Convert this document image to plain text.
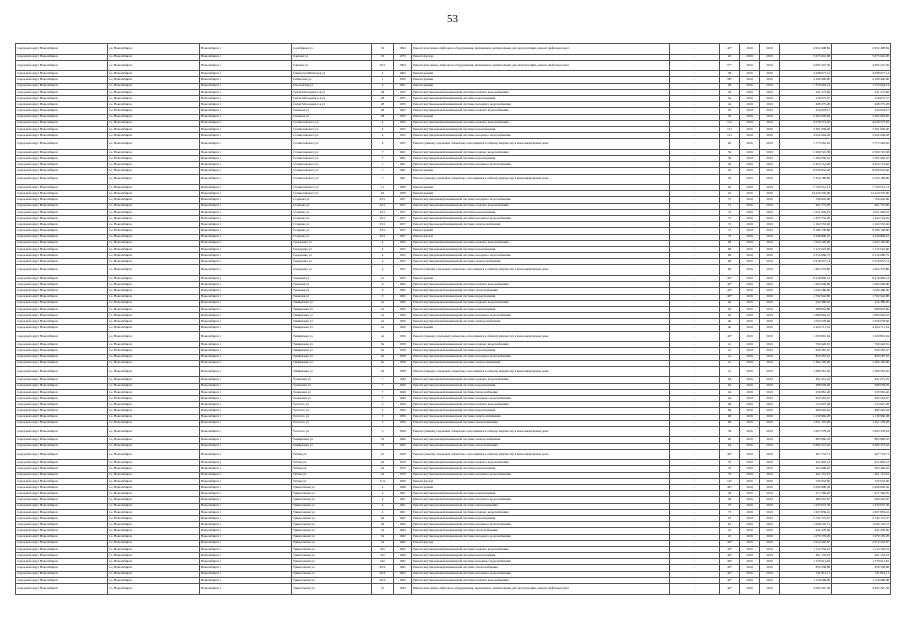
53
городской округ Новосибирск	г.о. Новосибирск	Новосибирск г	Серебрянка ул	32	1994	Ремонт или замена лифтового оборудования, признанного непригодным для эксплуатации, ремонт лифтовых шахт	-	40*	2019	2019	4 952 498,84	4 952 498,84
городской округ Новосибирск	г.о. Новосибирск	Новосибирск г	Сакская ул	35	1973	Ремонт фасада	-	40	2019	2019	5 675 616,00	5 675 616,00
городской округ Новосибирск	г.о. Новосибирск	Новосибирск г	Сакская ул	36/1	1994	Ремонт или замена лифтового оборудования, признанного непригодным для эксплуатации, ремонт лифтовых шахт	-	57*	2019	2019	4 095 247,39	4 095 247,39
городской округ Новосибирск	г.о. Новосибирск	Новосибирск г	Связистов/Шахтеров ул	4	1962	Ремонт крыши	-	58	2019	2019	2 638 677,14	2 638 677,14
городской округ Новосибирск	г.о. Новосибирск	Новосибирск г	Сибирская ул	1	1959	Ремонт крыши	-	58*	2019	2019	4 180 400,90	4 180 400,90
городской округ Новосибирск	г.о. Новосибирск	Новосибирск г	Смоленская ул	3	1961	Ремонт крыши	-	58	2019	2019	1 370 944,14	1 370 944,14
городской округ Новосибирск	г.о. Новосибирск	Новосибирск г	Сизов Молодежи 2-я ул	28	1955	Ремонт внутридомовой инженерной системы горячего водоснабжения	-	44	2019	2019	241 273,60	241 273,60
городской округ Новосибирск	г.о. Новосибирск	Новосибирск г	Сизов Молодежи 2-я ул	28	1955	Ремонт внутридомовой инженерной системы водоотведения	-	44	2019	2019	218 675,57	218 675,57
городской округ Новосибирск	г.о. Новосибирск	Новосибирск г	Сизов Молодежи 2-я ул	28	1955	Ремонт внутридомовой инженерной системы холодного водоснабжения	-	44	2019	2019	498 375,28	498 375,28
городской округ Новосибирск	г.о. Новосибирск	Новосибирск г	Снежная ул	28	1962	Ремонт внутридомовой инженерной системы горячего водоснабжения	-	56	2019	2019	410 618,21	410 618,21
городской округ Новосибирск	г.о. Новосибирск	Новосибирск г	Снежная ул	28	1955	Ремонт крыши	-	56	2019	2019	2 495 695,82	2 495 695,82
городской округ Новосибирск	г.о. Новосибирск	Новосибирск г	Станиславского ул	4	1955	Ремонт внутридомовой инженерной системы горячего водоснабжения	-	121	2019	2019	4 018 573,20	4 018 573,20
городской округ Новосибирск	г.о. Новосибирск	Новосибирск г	Станиславского ул	4	1955	Ремонт внутридомовой инженерной системы водоотведения	-	121	2019	2019	2 361 659,40	2 361 659,40
городской округ Новосибирск	г.о. Новосибирск	Новосибирск г	Станиславского ул	4	1955	Ремонт внутридомовой инженерной системы холодного водоснабжения	-	121	2019	2019	3 022 694,28	3 022 694,28
городской округ Новосибирск	г.о. Новосибирск	Новосибирск г	Станиславского ул	4	1955	Ремонт (замена) отдельных элементов, относящихся к общему имуществу в многоквартирном доме	-	40	2019	2019	1 775 263,02	1 775 263,02
городской округ Новосибирск	г.о. Новосибирск	Новосибирск г	Станиславского ул	7	1961	Ремонт внутридомовой инженерной системы горячего водоснабжения	-	56	2019	2019	2 369 722,38	2 369 722,38
городской округ Новосибирск	г.о. Новосибирск	Новосибирск г	Станиславского ул	7	1961	Ремонт внутридомовой инженерной системы водоотведения	-	56	2019	2019	1 302 936,16	1 302 936,16
городской округ Новосибирск	г.о. Новосибирск	Новосибирск г	Станиславского ул	7	1961	Ремонт внутридомовой инженерной системы холодного водоснабжения	-	56	2019	2019	2 452 714,40	2 452 714,40
городской округ Новосибирск	г.о. Новосибирск	Новосибирск г	Станиславского ул	7	1961	Ремонт крыши	-	56	2019	2019	8 028 952,40	8 028 952,40
городской округ Новосибирск	г.о. Новосибирск	Новосибирск г	Станиславского ул	7	1961	Ремонт (замена) отдельных элементов, относящихся к общему имуществу в многоквартирном доме	-	56	2019	2019	2 350 189,89	2 350 189,89
городской округ Новосибирск	г.о. Новосибирск	Новосибирск г	Станиславского ул	11	1960	Ремонт крыши	-	40	2019	2019	7 720 251,13	7 720 251,13
городской округ Новосибирск	г.о. Новосибирск	Новосибирск г	Станиславского ул	19	1958	Ремонт крыши	-	45	2019	2019	14 220 376,00	14 220 376,00
городской округ Новосибирск	г.о. Новосибирск	Новосибирск г	Старцева ул	45/1	1957	Ремонт внутридомовой инженерной системы холодного водоснабжения	-	72	2019	2019	766 602,96	766 602,96
городской округ Новосибирск	г.о. Новосибирск	Новосибирск г	Старцева ул	45/1	1957	Ремонт внутридомовой инженерной системы горячего водоснабжения	-	72	2019	2019	661 775,90	661 775,90
городской округ Новосибирск	г.о. Новосибирск	Новосибирск г	Старцева ул	45/1	1957	Ремонт внутридомовой инженерной системы водоотведения	-	72	2019	2019	1 021 026,25	1 021 026,25
городской округ Новосибирск	г.о. Новосибирск	Новосибирск г	Старцева ул	45/1	1957	Ремонт внутридомовой инженерной системы холодного водоснабжения	-	72	2019	2019	1 323 754,29	1 323 754,29
городской округ Новосибирск	г.о. Новосибирск	Новосибирск г	Старцева ул	45/1	1957	Ремонт внутридомовой инженерной системы электроснабжения	-	72	2019	2019	1 162 533,40	1 162 533,40
городской округ Новосибирск	г.о. Новосибирск	Новосибирск г	Старцева ул	45/1	1957	Ремонт крыши	-	72	2019	2019	9 186 158,86	9 186 158,86
городской округ Новосибирск	г.о. Новосибирск	Новосибирск г	Старцева ул	45/1	1957	Ремонт фасада	-	72	2019	2019	3 249 896,16	3 249 896,16
городской округ Новосибирск	г.о. Новосибирск	Новосибирск г	Сидоренко ул	4	1955	Ремонт внутридомовой инженерной системы горячего водоснабжения	-	68	2019	2019	1 023 195,60	1 023 195,60
городской округ Новосибирск	г.о. Новосибирск	Новосибирск г	Сидоренко ул	4	1955	Ремонт внутридомовой инженерной системы водоотведения	-	68	2019	2019	1 172 022,90	1 172 022,90
городской округ Новосибирск	г.о. Новосибирск	Новосибирск г	Сидоренко ул	4	1955	Ремонт внутридомовой инженерной системы холодного водоснабжения	-	68	2019	2019	2 514 086,75	2 514 086,75
городской округ Новосибирск	г.о. Новосибирск	Новосибирск г	Сидоренко ул	4	1955	Ремонт внутридомовой инженерной системы электроснабжения	-	68	2019	2019	2 018 057,14	2 018 057,14
городской округ Новосибирск	г.о. Новосибирск	Новосибирск г	Сидоренко ул	4	1955	Ремонт (замена) отдельных элементов, относящихся к общему имуществу в многоквартирном доме	-	68	2019	2019	1 403 379,80	1 403 379,80
городской округ Новосибирск	г.о. Новосибирск	Новосибирск г	Танковая ул	21	1955	Ремонт крыши	-	40*	2019	2019	8 218 840,14	8 218 840,14
городской округ Новосибирск	г.о. Новосибирск	Новосибирск г	Танковая ул	9	1965	Ремонт внутридомовой инженерной системы горячего водоснабжения	-	40*	2019	2019	1 285 606,80	1 285 606,80
городской округ Новосибирск	г.о. Новосибирск	Новосибирск г	Танковая ул	9	1965	Ремонт внутридомовой инженерной системы теплоснабжения	-	40*	2019	2019	1 040 286,60	1 040 286,60
городской округ Новосибирск	г.о. Новосибирск	Новосибирск г	Танковая ул	9	1965	Ремонт внутридомовой инженерной системы водоотведения	-	40*	2019	2019	1 702 942,80	1 702 942,80
городской округ Новосибирск	г.о. Новосибирск	Новосибирск г	Тимирязева ул	2а	1956	Ремонт внутридомовой инженерной системы горячего водоснабжения	-	40	2019	2019	534 389,20	534 389,20
городской округ Новосибирск	г.о. Новосибирск	Новосибирск г	Тимирязева ул	2а	1956	Ремонт внутридомовой инженерной системы водоотведения	-	40	2019	2019	688 819,80	688 819,80
городской округ Новосибирск	г.о. Новосибирск	Новосибирск г	Тимирязева ул	2а	1956	Ремонт внутридомовой инженерной системы холодного водоснабжения	-	40	2019	2019	1 086 063,22	1 086 063,22
городской округ Новосибирск	г.о. Новосибирск	Новосибирск г	Тимирязева ул	2а	1956	Ремонт внутридомовой инженерной системы электроснабжения	-	40	2019	2019	1 059 078,60	1 059 078,60
городской округ Новосибирск	г.о. Новосибирск	Новосибирск г	Тимирязева ул	2а	1956	Ремонт крыши	-	40	2019	2019	4 204 711,34	4 204 711,34
городской округ Новосибирск	г.о. Новосибирск	Новосибирск г	Тимирязева ул	2а	1956	Ремонт (замена) отдельных элементов, относящихся к общему имуществу в многоквартирном доме	-	40*	2019	2019	1 329 891,04	1 329 891,04
городской округ Новосибирск	г.о. Новосибирск	Новосибирск г	Тимирязева ул	9а	1958	Ремонт внутридомовой инженерной системы горячего водоснабжения	-	41	2019	2019	760 426,81	760 426,81
городской округ Новосибирск	г.о. Новосибирск	Новосибирск г	Тимирязева ул	9а	1958	Ремонт внутридомовой инженерной системы водоотведения	-	41	2019	2019	650 587,67	650 587,67
городской округ Новосибирск	г.о. Новосибирск	Новосибирск г	Тимирязева ул	9а	1958	Ремонт внутридомовой инженерной системы холодного водоснабжения	-	41	2019	2019	820 287,01	820 287,01
городской округ Новосибирск	г.о. Новосибирск	Новосибирск г	Тимирязева ул	9а	1958	Ремонт внутридомовой инженерной системы электроснабжения	-	41	2019	2019	1 394 195,60	1 394 195,60
городской округ Новосибирск	г.о. Новосибирск	Новосибирск г	Тимирязева ул	9а	1958	Ремонт (замена) отдельных элементов, относящихся к общему имуществу в многоквартирном доме	-	41	2019	2019	1 280 581,26	1 280 581,26
городской округ Новосибирск	г.о. Новосибирск	Новосибирск г	Толмачева ул	7	1949	Ремонт внутридомовой инженерной системы горячего водоснабжения	-	64	2019	2019	491 051,25	491 051,25
городской округ Новосибирск	г.о. Новосибирск	Новосибирск г	Толмачева ул	7	1949	Ремонт внутридомовой инженерной системы водоотведения	-	64	2019	2019	288 978,29	288 978,29
городской округ Новосибирск	г.о. Новосибирск	Новосибирск г	Толмачева ул	7	1949	Ремонт внутридомовой инженерной системы теплоснабжения	-	64	2019	2019	259 981,40	259 981,40
городской округ Новосибирск	г.о. Новосибирск	Новосибирск г	Толмачева ул	7	1949	Ремонт внутридомовой инженерной системы холодного водоснабжения	-	64	2019	2019	943 563,67	943 563,67
городской округ Новосибирск	г.о. Новосибирск	Новосибирск г	Толстого ул	3	1956	Ремонт внутридомовой инженерной системы горячего водоснабжения	-	68	2019	2019	513 947,48	513 947,48
городской округ Новосибирск	г.о. Новосибирск	Новосибирск г	Толстого ул	3	1956	Ремонт внутридомовой инженерной системы водоотведения	-	68	2019	2019	480 602,64	480 602,64
городской округ Новосибирск	г.о. Новосибирск	Новосибирск г	Толстого ул	3	1956	Ремонт внутридомовой инженерной системы электроснабжения	-	68	2019	2019	1 130 966,28	1 130 966,28
городской округ Новосибирск	г.о. Новосибирск	Новосибирск г	Толстого ул	3	1956	Ремонт внутридомовой инженерной системы теплоснабжения	-	68	2019	2019	1 051 103,28	1 051 103,28
городской округ Новосибирск	г.о. Новосибирск	Новосибирск г	Толстого ул	3	1956	Ремонт (замена) отдельных элементов, относящихся к общему имуществу в многоквартирном доме	-	58	2019	2019	1 003 378,24	1 003 378,24
городской округ Новосибирск	г.о. Новосибирск	Новосибирск г	Тимирязева ул	52	1966	Ремонт внутридомовой инженерной системы электроснабжения	-	60	2019	2019	883 860,32	883 860,32
городской округ Новосибирск	г.о. Новосибирск	Новосибирск г	Тимирязева ул	73	1965	Ремонт внутридомовой инженерной системы теплоснабжения	-	44	2019	2019	2 084 373,42	2 084 373,42
городской округ Новосибирск	г.о. Новосибирск	Новосибирск г	Титова ул	10	1958	Ремонт (замена) отдельных элементов, относящихся к общему имуществу в многоквартирном доме	-	40*	2019	2019	467 733,71	467 733,71
городской округ Новосибирск	г.о. Новосибирск	Новосибирск г	Титова ул	42	1979	Ремонт внутридомовой инженерной системы горячего водоснабжения	-	79	2019	2019	221 802,12	221 802,12
городской округ Новосибирск	г.о. Новосибирск	Новосибирск г	Титова ул	42	1979	Ремонт внутридомовой инженерной системы водоотведения	-	79	2019	2019	263 406,45	263 406,45
городской округ Новосибирск	г.о. Новосибирск	Новосибирск г	Титова ул	42	1979	Ремонт внутридомовой инженерной системы холодного водоснабжения	-	79	2019	2019	461 151,61	461 151,61
городской округ Новосибирск	г.о. Новосибирск	Новосибирск г	Титова ул	5/1а	1956	Ремонт фасада	-	127	2019	2019	734 933,60	734 933,60
городской округ Новосибирск	г.о. Новосибирск	Новосибирск г	Трикотажная ул	2	1968	Ремонт крыши	-	40*	2019	2019	5 069 806,56	5 069 806,56
городской округ Новосибирск	г.о. Новосибирск	Новосибирск г	Трикотажная ул	4	1961	Ремонт внутридомовой инженерной системы водоотведения	-	48	2019	2019	617 566,95	617 566,95
городской округ Новосибирск	г.о. Новосибирск	Новосибирск г	Трикотажная ул	4	1961	Ремонт внутридомовой инженерной системы холодного водоснабжения	-	48	2019	2019	486 310,87	486 310,87
городской округ Новосибирск	г.о. Новосибирск	Новосибирск г	Трикотажная ул	4	1961	Ремонт внутридомовой инженерной системы теплоснабжения	-	75	2019	2019	1 233 072,39	1 233 072,39
городской округ Новосибирск	г.о. Новосибирск	Новосибирск г	Трикотажная ул	4	1961	Ремонт внутридомовой инженерной системы горячего водоснабжения	-	75	2019	2019	1 067 839,16	1 067 839,16
городской округ Новосибирск	г.о. Новосибирск	Новосибирск г	Трикотажная ул	49	1962	Ремонт внутридомовой инженерной системы водоотведения	-	67	2019	2019	2 745 175,37	2 745 175,37
городской округ Новосибирск	г.о. Новосибирск	Новосибирск г	Трикотажная ул	49	1962	Ремонт внутридомовой инженерной системы холодного водоснабжения	-	63	2019	2019	1 049 745,51	1 049 745,51
городской округ Новосибирск	г.о. Новосибирск	Новосибирск г	Трикотажная ул	54	1962	Ремонт внутридомовой инженерной системы теплоснабжения	-	45	2019	2019	641 478,00	641 478,00
городской округ Новосибирск	г.о. Новосибирск	Новосибирск г	Трикотажная ул	54	1962	Ремонт внутридомовой инженерной системы холодного водоснабжения	-	45	2019	2019	1 079 176,29	1 079 176,29
городской округ Новосибирск	г.о. Новосибирск	Новосибирск г	Трикотажная ул	54	1962	Ремонт фасада	-	40*	2019	2019	2 012 542,87	2 012 542,87
городской округ Новосибирск	г.о. Новосибирск	Новосибирск г	Трикотажная ул	54а	1962	Ремонт внутридомовой инженерной системы горячего водоснабжения	-	40*	2019	2019	1 112 332,19	1 112 332,19
городской округ Новосибирск	г.о. Новосибирск	Новосибирск г	Трикотажная ул	54а	1962	Ремонт внутридомовой инженерной системы водоотведения	-	40*	2019	2019	461 153,23	461 153,23
городской округ Новосибирск	г.о. Новосибирск	Новосибирск г	Трикотажная ул	54а	1962	Ремонт внутридомовой инженерной системы холодного водоснабжения	-	40*	2019	2019	1 379 611,62	1 379 611,62
городской округ Новосибирск	г.о. Новосибирск	Новосибирск г	Трикотажная ул	60/2	1962	Ремонт внутридомовой инженерной системы теплоснабжения	-	40*	2019	2019	859 338,88	859 338,88
городской округ Новосибирск	г.о. Новосибирск	Новосибирск г	Трикотажная ул	60/2	1962	Ремонт внутридомовой инженерной системы холодного водоснабжения	-	40*	2019	2019	741 813,11	741 813,11
городской округ Новосибирск	г.о. Новосибирск	Новосибирск г	Трикотажная ул	60/2	1962	Ремонт внутридомовой инженерной системы горячего водоснабжения	-	40*	2019	2019	1 128 998,08	1 128 998,08
городской округ Новосибирск	г.о. Новосибирск	Новосибирск г	Трикотажная ул	57	1994	Ремонт или замена лифтового оборудования, признанного непригодным для эксплуатации, ремонт лифтовых шахт	-	40*	2019	2019	4 095 247,39	4 095 247,39
